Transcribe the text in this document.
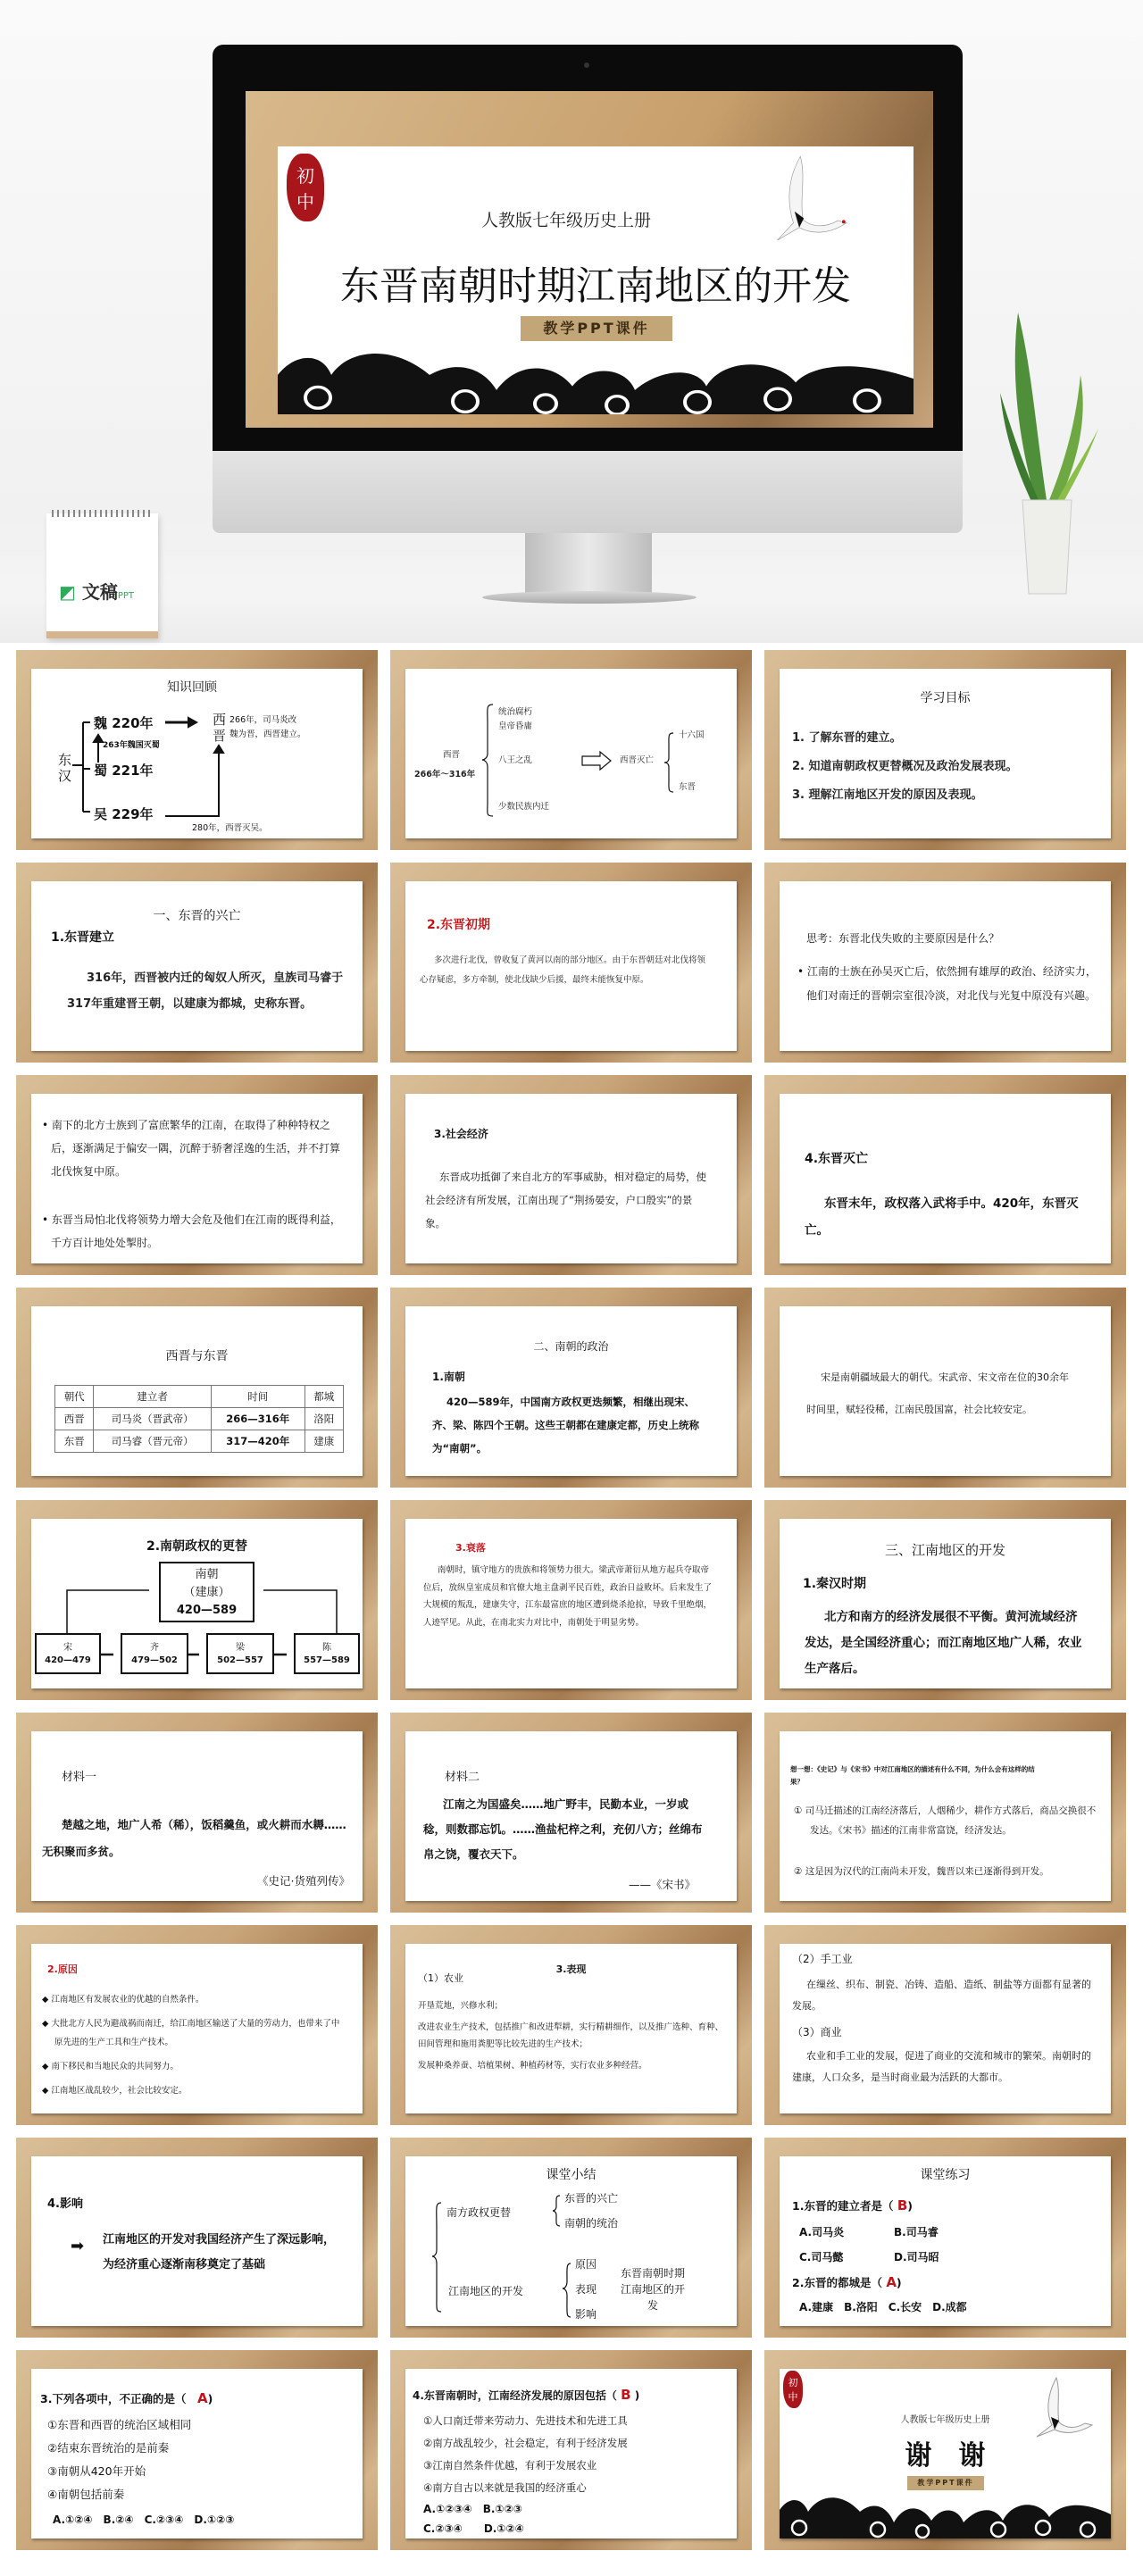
初
中
人教版七年级历史上册
东晋南朝时期江南地区的开发
教学PPT课件
◩ 文稿PPT
知识回顾
东汉
魏 220年
蜀 221年
吴 229年
263年魏国灭蜀
西晋
266年，司马炎改
魏为晋，西晋建立。
280年，西晋灭吴。
西晋
266年～316年
统治腐朽
皇帝昏庸
八王之乱
少数民族内迁
西晋灭亡
十六国
东晋
学习目标
1. 了解东晋的建立。
2. 知道南朝政权更替概况及政治发展表现。
3. 理解江南地区开发的原因及表现。
一、东晋的兴亡
1.东晋建立
316年，西晋被内迁的匈奴人所灭，皇族司马睿于317年重建晋王朝，以建康为都城，史称东晋。
2.东晋初期
多次进行北伐，曾收复了黄河以南的部分地区。由于东晋朝廷对北伐将领心存疑虑，多方牵制，使北伐缺少后援，最终未能恢复中原。
思考：东晋北伐失败的主要原因是什么？
• 江南的士族在孙吴灭亡后，依然拥有雄厚的政治、经济实力，他们对南迁的晋朝宗室很冷淡，对北伐与光复中原没有兴趣。
• 南下的北方士族到了富庶繁华的江南，在取得了种种特权之后，逐渐满足于偏安一隅，沉醉于骄奢淫逸的生活，并不打算北伐恢复中原。
• 东晋当局怕北伐将领势力增大会危及他们在江南的既得利益，千方百计地处处掣肘。
3.社会经济
东晋成功抵御了来自北方的军事威胁，相对稳定的局势，使社会经济有所发展，江南出现了“荆扬晏安，户口殷实”的景象。
4.东晋灭亡
东晋末年，政权落入武将手中。420年，东晋灭亡。
西晋与东晋
朝代	建立者	时间	都城
西晋	司马炎（晋武帝）	266—316年	洛阳
东晋	司马睿（晋元帝）	317—420年	建康
二、南朝的政治
1.南朝
420—589年，中国南方政权更迭频繁，相继出现宋、齐、梁、陈四个王朝。这些王朝都在建康定都，历史上统称为“南朝”。
宋是南朝疆域最大的朝代。宋武帝、宋文帝在位的30余年时间里，赋轻役稀，江南民殷国富，社会比较安定。
2.南朝政权的更替
南朝
（建康）
420—589
宋
420—479
齐
479—502
梁
502—557
陈
557—589
3.衰落
南朝时，镇守地方的贵族和将领势力很大。梁武帝萧衍从地方起兵夺取帝位后，放纵皇室成员和官僚大地主盘剥平民百姓，政治日益败坏。后来发生了大规模的叛乱，建康失守，江东最富庶的地区遭到烧杀抢掠，导致千里绝烟，人迹罕见。从此，在南北实力对比中，南朝处于明显劣势。
三、江南地区的开发
1.秦汉时期
北方和南方的经济发展很不平衡。黄河流域经济发达，是全国经济重心；而江南地区地广人稀，农业生产落后。
材料一
楚越之地，地广人希（稀），饭稻羹鱼，或火耕而水耨……无积聚而多贫。
《史记·货殖列传》
材料二
江南之为国盛矣……地广野丰，民勤本业，一岁或稔，则数郡忘饥。……渔盐杞梓之利，充仞八方；丝绵布帛之饶，覆衣天下。
——《宋书》
想一想：《史记》与《宋书》中对江南地区的描述有什么不同，为什么会有这样的结果？
① 司马迁描述的江南经济落后，人烟稀少，耕作方式落后，商品交换很不发达。《宋书》描述的江南非常富饶，经济发达。
② 这是因为汉代的江南尚未开发，魏晋以来已逐渐得到开发。
2.原因
◆ 江南地区有发展农业的优越的自然条件。
◆ 大批北方人民为避战祸而南迁，给江南地区输送了大量的劳动力，也带来了中原先进的生产工具和生产技术。
◆ 南下移民和当地民众的共同努力。
◆ 江南地区战乱较少，社会比较安定。
3.表现
（1）农业
开垦荒地，兴修水利；
改进农业生产技术，包括推广和改进犁耕，实行精耕细作，以及推广选种、育种、田间管理和施用粪肥等比较先进的生产技术；
发展种桑养蚕、培植果树、种植药材等，实行农业多种经营。
（2）手工业
在缫丝、织布、制瓷、冶铸、造船、造纸、制盐等方面都有显著的发展。
（3）商业
农业和手工业的发展，促进了商业的交流和城市的繁荣。南朝时的建康，人口众多，是当时商业最为活跃的大都市。
4.影响
➡ 江南地区的开发对我国经济产生了深远影响，为经济重心逐渐南移奠定了基础
课堂小结
南方政权更替
东晋的兴亡
南朝的统治
江南地区的开发
原因
表现
影响
东晋南朝时期江南地区的开发
课堂练习
1.东晋的建立者是（ B)
A.司马炎	B.司马睿
C.司马懿	D.司马昭
2.东晋的都城是（ A)
A.建康　B.洛阳　C.长安　D.成都
3.下列各项中，不正确的是（　 A)
①东晋和西晋的统治区域相同
②结束东晋统治的是前秦
③南朝从420年开始
④南朝包括前秦
A.①②④　B.②④　C.②③④　D.①②③
4.东晋南朝时，江南经济发展的原因包括（ B )
①人口南迁带来劳动力、先进技术和先进工具
②南方战乱较少，社会稳定，有利于经济发展
③江南自然条件优越，有利于发展农业
④南方自古以来就是我国的经济重心
A.①②③④　B.①②③
C.②③④　　D.①②④
初
中
人教版七年级历史上册
谢　谢
教学PPT课件
